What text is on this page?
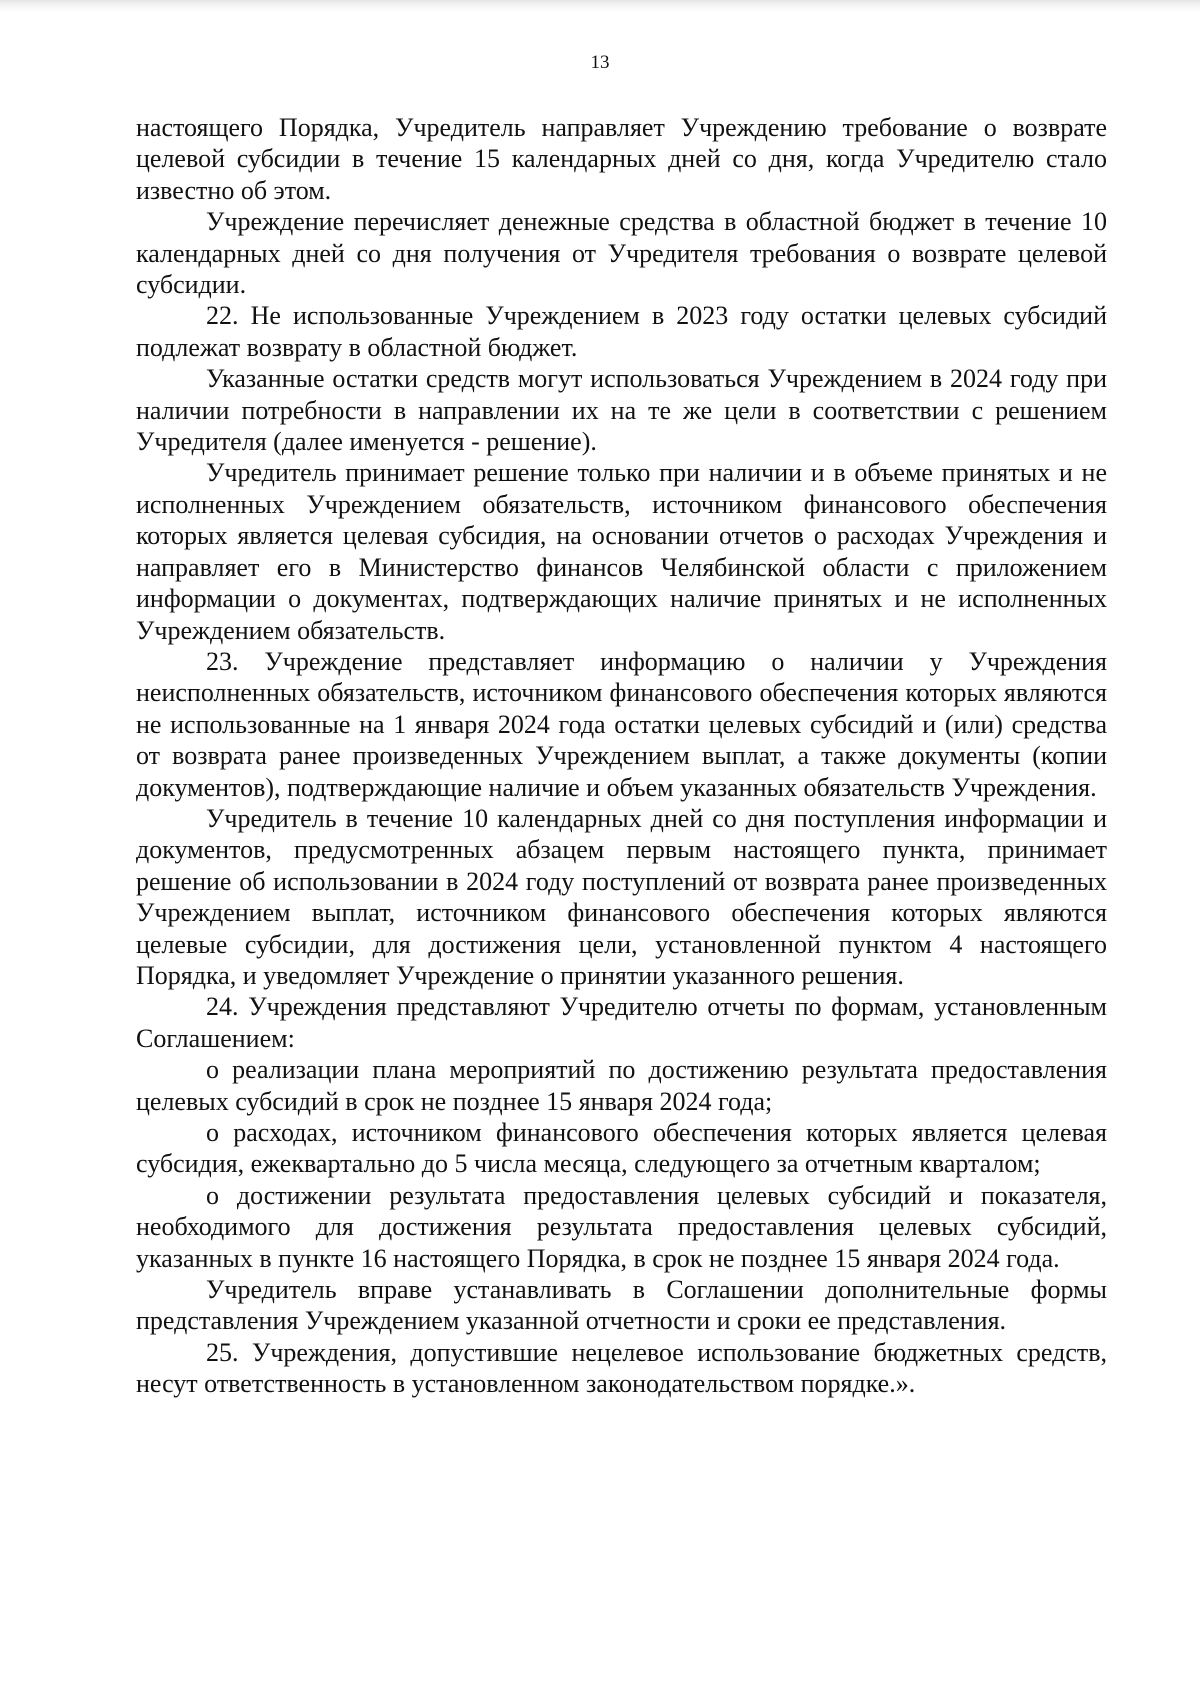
13

настоящего Порядка, Учредитель направляет Учреждению требование о возврате целевой субсидии в течение 15 календарных дней со дня, когда Учредителю стало известно об этом.

Учреждение перечисляет денежные средства в областной бюджет в течение 10 календарных дней со дня получения от Учредителя требования о возврате целевой субсидии.

22. Не использованные Учреждением в 2023 году остатки целевых субсидий подлежат возврату в областной бюджет.

Указанные остатки средств могут использоваться Учреждением в 2024 году при наличии потребности в направлении их на те же цели в соответствии с решением Учредителя (далее именуется - решение).

Учредитель принимает решение только при наличии и в объеме принятых и не исполненных Учреждением обязательств, источником финансового обеспечения которых является целевая субсидия, на основании отчетов о расходах Учреждения и направляет его в Министерство финансов Челябинской области с приложением информации о документах, подтверждающих наличие принятых и не исполненных Учреждением обязательств.

23. Учреждение представляет информацию о наличии у Учреждения неисполненных обязательств, источником финансового обеспечения которых являются не использованные на 1 января 2024 года остатки целевых субсидий и (или) средства от возврата ранее произведенных Учреждением выплат, а также документы (копии документов), подтверждающие наличие и объем указанных обязательств Учреждения.

Учредитель в течение 10 календарных дней со дня поступления информации и документов, предусмотренных абзацем первым настоящего пункта, принимает решение об использовании в 2024 году поступлений от возврата ранее произведенных Учреждением выплат, источником финансового обеспечения которых являются целевые субсидии, для достижения цели, установленной пунктом 4 настоящего Порядка, и уведомляет Учреждение о принятии указанного решения.

24. Учреждения представляют Учредителю отчеты по формам, установленным Соглашением:

о реализации плана мероприятий по достижению результата предоставления целевых субсидий в срок не позднее 15 января 2024 года;

о расходах, источником финансового обеспечения которых является целевая субсидия, ежеквартально до 5 числа месяца, следующего за отчетным кварталом;

о достижении результата предоставления целевых субсидий и показателя, необходимого для достижения результата предоставления целевых субсидий, указанных в пункте 16 настоящего Порядка, в срок не позднее 15 января 2024 года.

Учредитель вправе устанавливать в Соглашении дополнительные формы представления Учреждением указанной отчетности и сроки ее представления.

25. Учреждения, допустившие нецелевое использование бюджетных средств, несут ответственность в установленном законодательством порядке.».
